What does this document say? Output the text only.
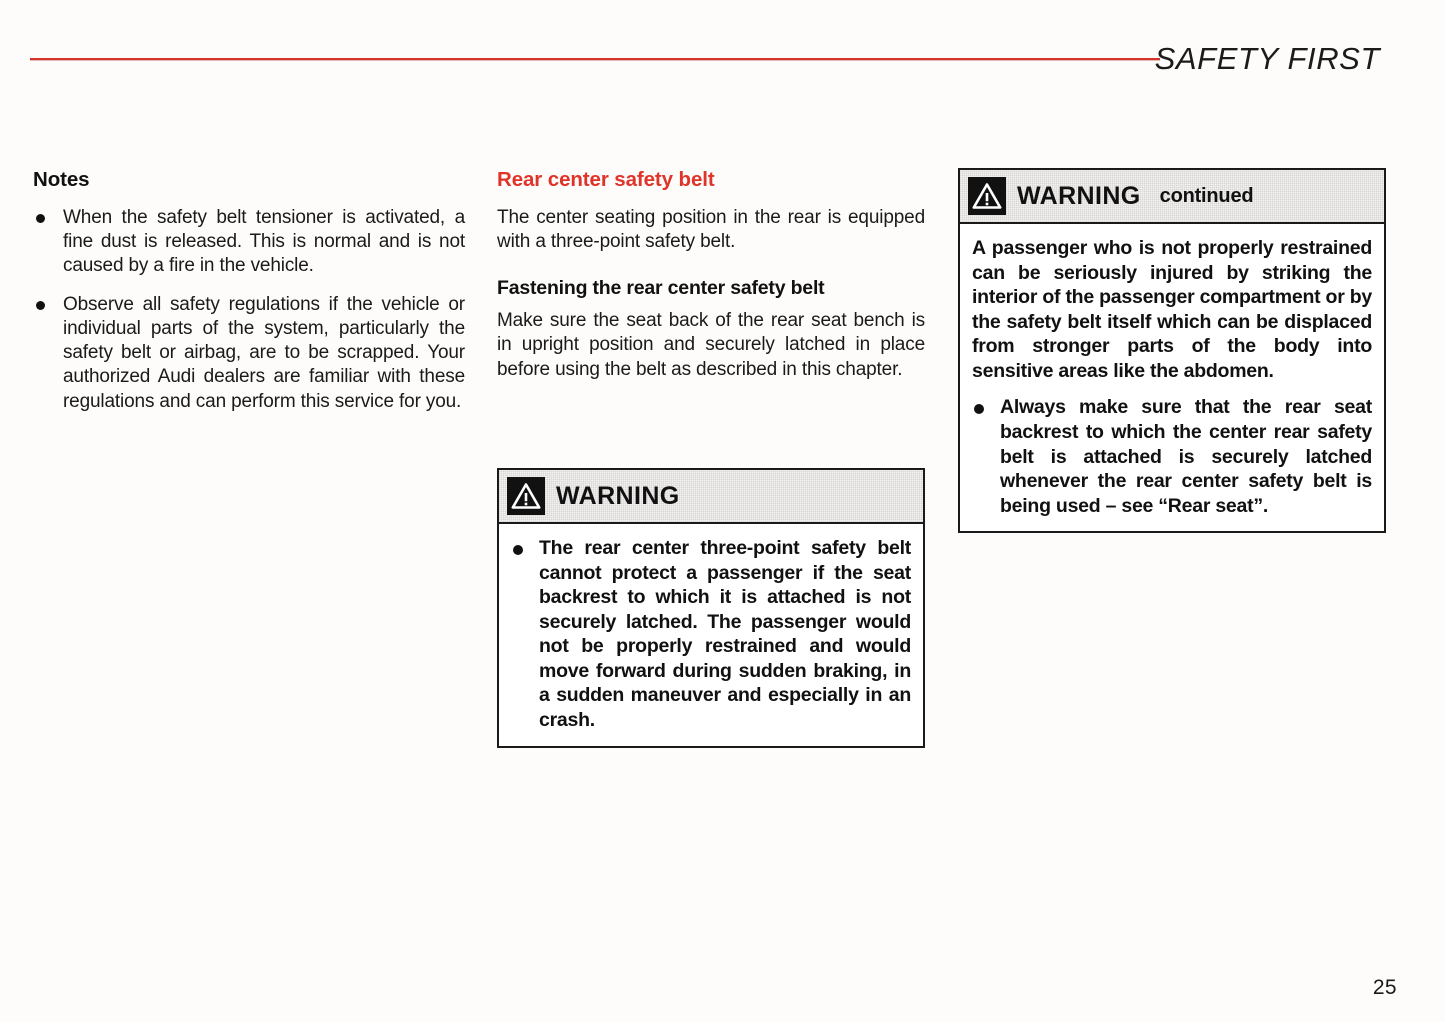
SAFETY FIRST
Notes

When the safety belt tensioner is activated, a fine dust is released. This is normal and is not caused by a fire in the vehicle.

Observe all safety regulations if the vehicle or individual parts of the system, particularly the safety belt or airbag, are to be scrapped. Your authorized Audi dealers are familiar with these regulations and can perform this service for you.

Rear center safety belt

The center seating position in the rear is equipped with a three-point safety belt.

Fastening the rear center safety belt

Make sure the seat back of the rear seat bench is in upright position and securely latched in place before using the belt as described in this chapter.

WARNING

The rear center three-point safety belt cannot protect a passenger if the seat backrest to which it is attached is not securely latched. The passenger would not be properly restrained and would move forward during sudden braking, in a sudden maneuver and especially in an crash.

WARNING continued

A passenger who is not properly restrained can be seriously injured by striking the interior of the passenger compartment or by the safety belt itself which can be displaced from stronger parts of the body into sensitive areas like the abdomen.

Always make sure that the rear seat backrest to which the center rear safety belt is attached is securely latched whenever the rear center safety belt is being used – see “Rear seat”.

25
